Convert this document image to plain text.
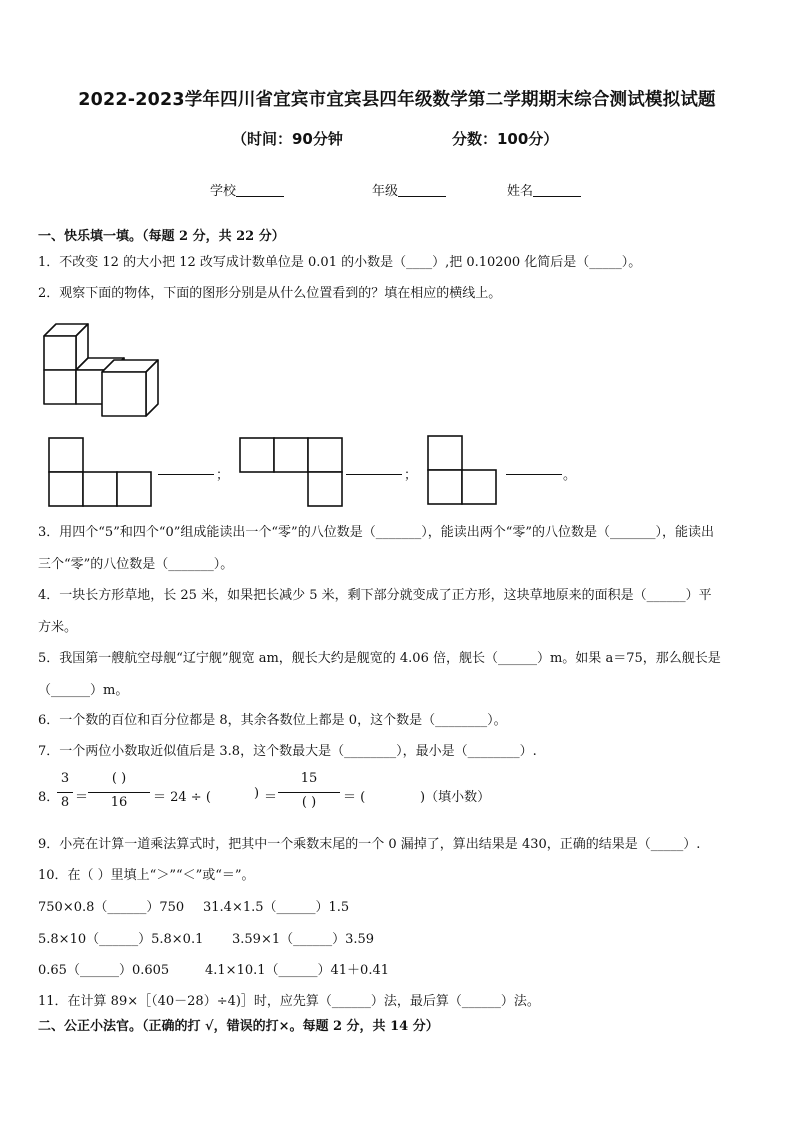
2022-2023学年四川省宜宾市宜宾县四年级数学第二学期期末综合测试模拟试题
（时间：90分钟	分数：100分）
学校	年级	姓名
一、快乐填一填。（每题 2 分，共 22 分）
1．不改变 12 的大小把 12 改写成计数单位是 0.01 的小数是（____）,把 0.10200 化简后是（_____）。
2．观察下面的物体，下面的图形分别是从什么位置看到的？填在相应的横线上。
；	；	。
3．用四个“5”和四个“0”组成能读出一个“零”的八位数是（_______），能读出两个“零”的八位数是（_______），能读出
三个“零”的八位数是（_______）。
4．一块长方形草地，长 25 米，如果把长减少 5 米，剩下部分就变成了正方形，这块草地原来的面积是（______）平
方米。
5．我国第一艘航空母舰“辽宁舰”舰宽 am，舰长大约是舰宽的 4.06 倍，舰长（______）m。如果 a＝75，那么舰长是
（______）m。
6．一个数的百位和百分位都是 8，其余各数位上都是 0，这个数是（________）。
7．一个两位小数取近似值后是 3.8，这个数最大是（________），最小是（________）.
8．
3
8 ＝
( )
16	＝ 24 ÷ (	) ＝
15
( )	＝ (	)（填小数）
9．小亮在计算一道乘法算式时，把其中一个乘数末尾的一个 0 漏掉了，算出结果是 430，正确的结果是（_____）.
10．在（ ）里填上“＞”“＜”或“＝”。
750×0.8（______）750 31.4×1.5（______）1.5
5.8×10（______）5.8×0.1 3.59×1（______）3.59
0.65（______）0.605	4.1×10.1（______）41＋0.41
11．在计算 89×［（40－28）÷4)］时，应先算（______）法，最后算（______）法。
二、公正小法官。（正确的打 √，错误的打×。每题 2 分，共 14 分）
